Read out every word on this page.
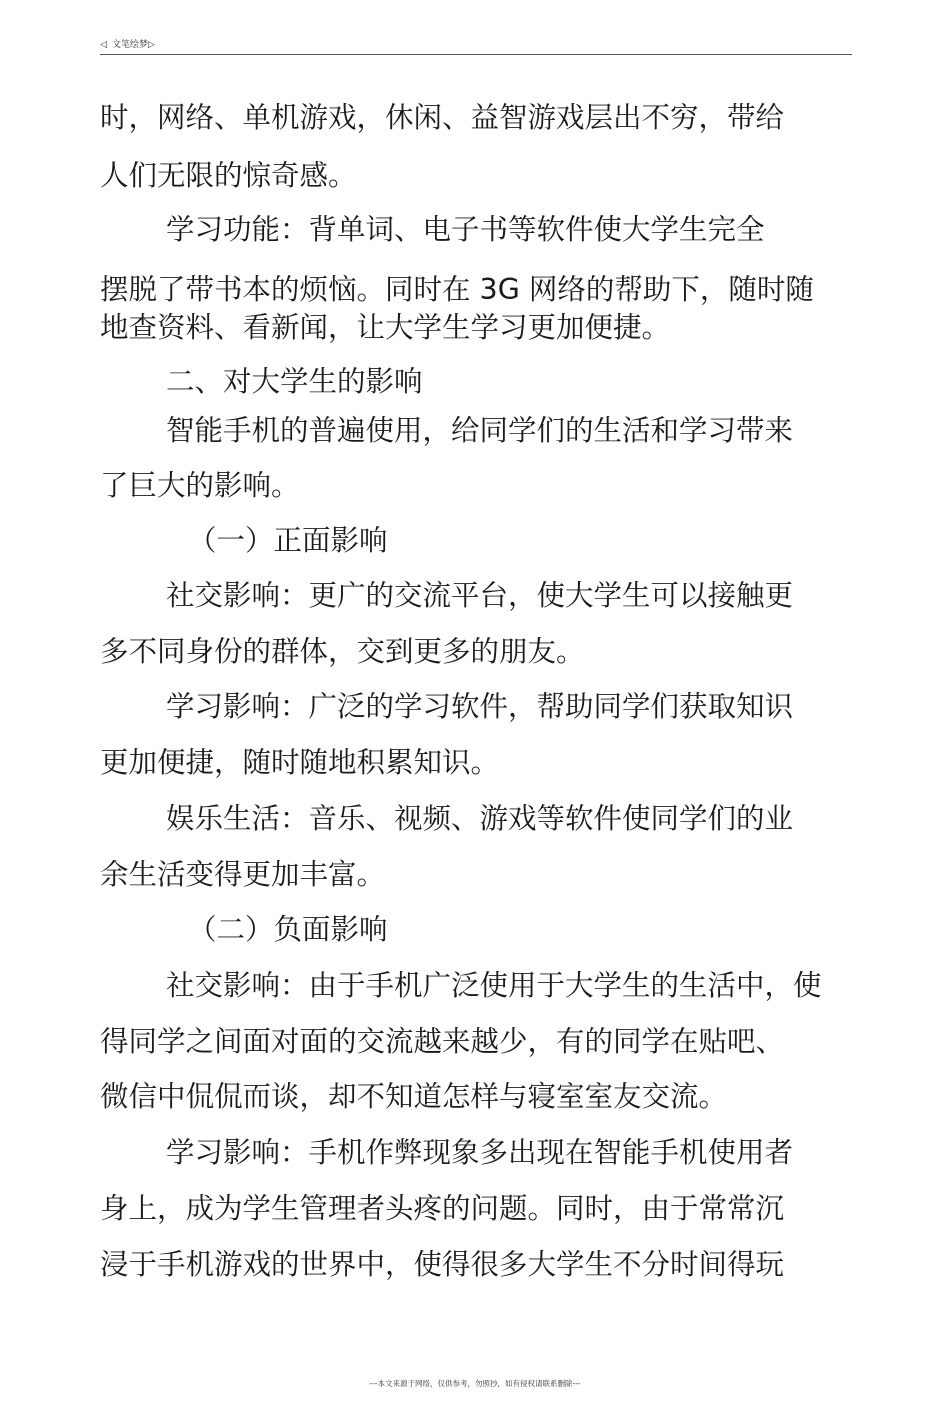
◁ 文笔绘梦 ▷
时，网络、单机游戏，休闲、益智游戏层出不穷，带给
人们无限的惊奇感。
学习功能：背单词、电子书等软件使大学生完全
摆脱了带书本的烦恼。同时在 3G 网络的帮助下，随时随
地查资料、看新闻，让大学生学习更加便捷。
二、对大学生的影响
智能手机的普遍使用，给同学们的生活和学习带来
了巨大的影响。
（一）正面影响
社交影响：更广的交流平台，使大学生可以接触更
多不同身份的群体，交到更多的朋友。
学习影响：广泛的学习软件，帮助同学们获取知识
更加便捷，随时随地积累知识。
娱乐生活：音乐、视频、游戏等软件使同学们的业
余生活变得更加丰富。
（二）负面影响
社交影响：由于手机广泛使用于大学生的生活中，使
得同学之间面对面的交流越来越少，有的同学在贴吧、
微信中侃侃而谈，却不知道怎样与寝室室友交流。
学习影响：手机作弊现象多出现在智能手机使用者
身上，成为学生管理者头疼的问题。同时，由于常常沉
浸于手机游戏的世界中，使得很多大学生不分时间得玩
---本文来源于网络，仅供参考，勿照抄，如有侵权请联系删除---
